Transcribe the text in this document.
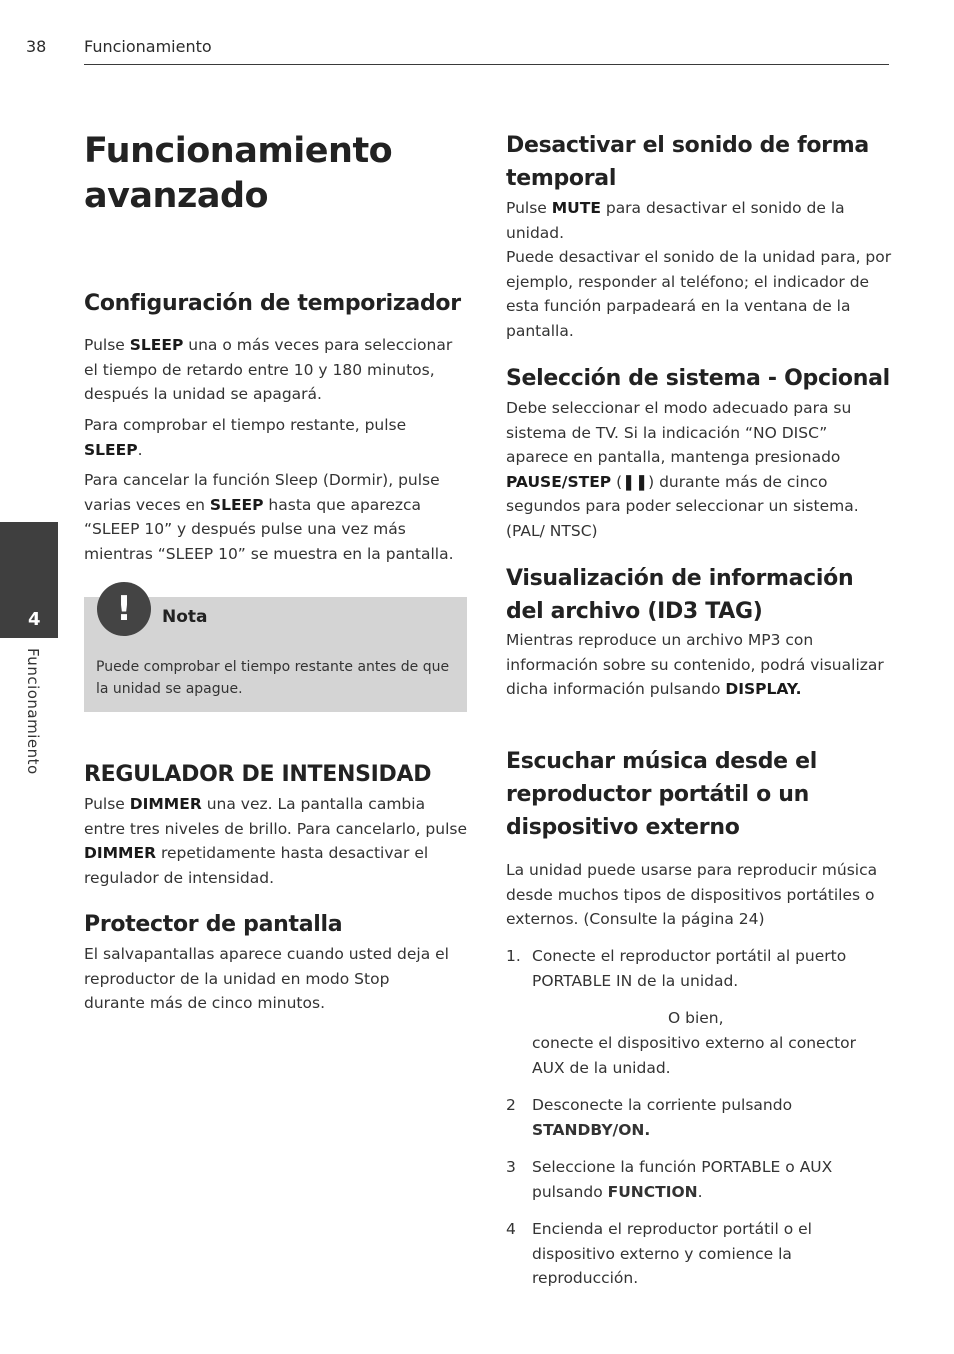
38 Funcionamiento
4
Funcionamiento
Funcionamiento
avanzado
Configuración de temporizador

Pulse SLEEP una o más veces para seleccionar el tiempo de retardo entre 10 y 180 minutos, después la unidad se apagará.

Para comprobar el tiempo restante, pulse SLEEP.

Para cancelar la función Sleep (Dormir), pulse varias veces en SLEEP hasta que aparezca “SLEEP 10” y después pulse una vez más mientras “SLEEP 10” se muestra en la pantalla.

!	Nota

Puede comprobar el tiempo restante antes de que la unidad se apague.

REGULADOR DE INTENSIDAD

Pulse DIMMER una vez. La pantalla cambia entre tres niveles de brillo. Para cancelarlo, pulse DIMMER repetidamente hasta desactivar el regulador de intensidad.

Protector de pantalla

El salvapantallas aparece cuando usted deja el reproductor de la unidad en modo Stop durante más de cinco minutos.

Desactivar el sonido de forma temporal

Pulse MUTE para desactivar el sonido de la unidad.

Puede desactivar el sonido de la unidad para, por ejemplo, responder al teléfono; el indicador de esta función parpadeará en la ventana de la pantalla.

Selección de sistema - Opcional

Debe seleccionar el modo adecuado para su sistema de TV. Si la indicación “NO DISC” aparece en pantalla, mantenga presionado PAUSE/STEP (❚❚) durante más de cinco segundos para poder seleccionar un sistema. (PAL/ NTSC)

Visualización de información del archivo (ID3 TAG)

Mientras reproduce un archivo MP3 con información sobre su contenido, podrá visualizar dicha información pulsando DISPLAY.

Escuchar música desde el reproductor portátil o un dispositivo externo

La unidad puede usarse para reproducir música desde muchos tipos de dispositivos portátiles o externos. (Consulte la página 24)

1. Conecte el reproductor portátil al puerto PORTABLE IN de la unidad.

O bien,

conecte el dispositivo externo al conector AUX de la unidad.

2 Desconecte la corriente pulsando STANDBY/ON.

3 Seleccione la función PORTABLE o AUX pulsando FUNCTION.

4 Encienda el reproductor portátil o el dispositivo externo y comience la reproducción.
